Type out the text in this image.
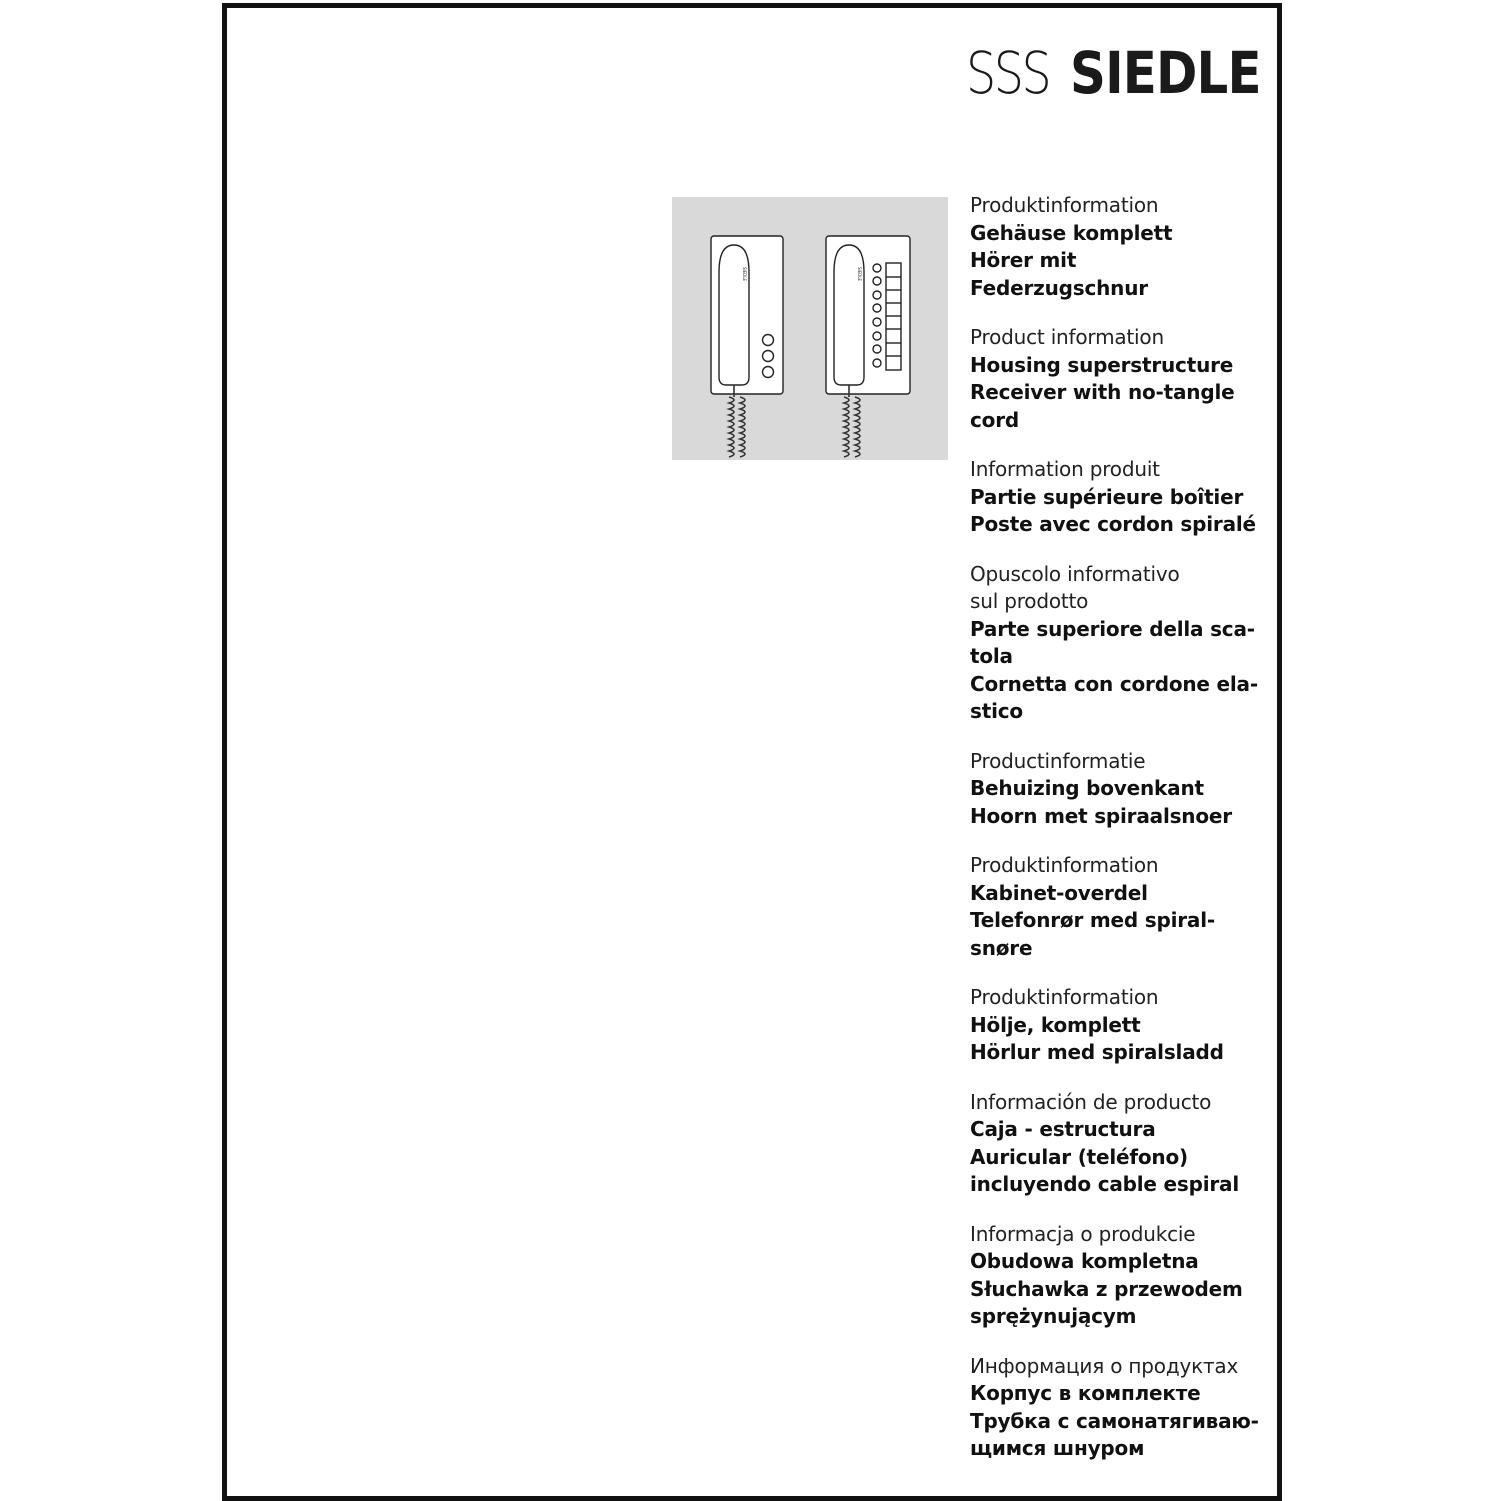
SSS SIEDLE
SIEDLE	SIEDLE
Produktinformation
Gehäuse komplett
Hörer mit Federzugschnur
Product information
Housing superstructure
Receiver with no-tangle
cord
Information produit
Partie supérieure boîtier
Poste avec cordon spiralé
Opuscolo informativo
sul prodotto
Parte superiore della sca-
tola
Cornetta con cordone ela-
stico
Productinformatie
Behuizing bovenkant
Hoorn met spiraalsnoer
Produktinformation
Kabinet-overdel
Telefonrør med spiral-
snøre
Produktinformation
Hölje, komplett
Hörlur med spiralsladd
Información de producto
Caja - estructura
Auricular (teléfono)
incluyendo cable espiral
Informacja o produkcie
Obudowa kompletna
Słuchawka z przewodem
sprężynującym
Информация о продуктах
Корпус в комплекте
Трубка с самонатягиваю-
щимся шнуром
